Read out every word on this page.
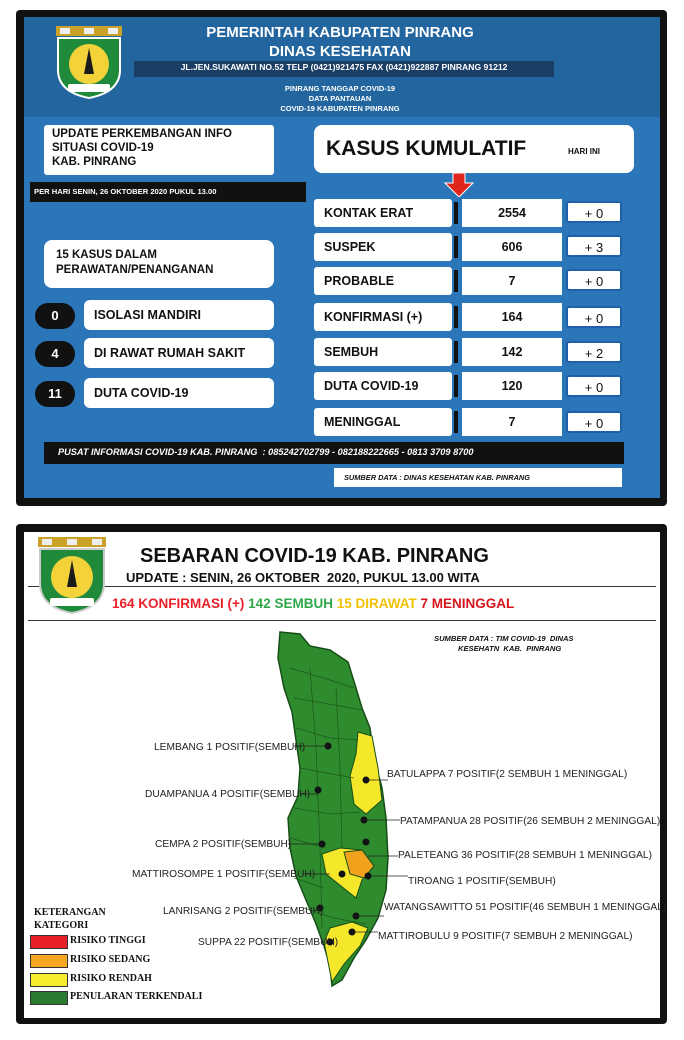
PEMERINTAH KABUPATEN PINRANG
DINAS KESEHATAN
JL.JEN.SUKAWATI NO.52 TELP (0421)921475 FAX (0421)922887 PINRANG 91212
PINRANG TANGGAP COVID-19
DATA PANTAUAN
COVID-19 KABUPATEN PINRANG
UPDATE PERKEMBANGAN INFO
SITUASI COVID-19
KAB. PINRANG
PER HARI SENIN, 26 OKTOBER 2020 PUKUL 13.00
15 KASUS DALAM
PERAWATAN/PENANGANAN
0	ISOLASI MANDIRI
4	DI RAWAT RUMAH SAKIT
11	DUTA COVID-19
KASUS KUMULATIF	HARI INI
KONTAK ERAT	2554	+ 0
SUSPEK	606	+ 3
PROBABLE	7	+ 0
KONFIRMASI (+)	164	+ 0
SEMBUH	142	+ 2
DUTA COVID-19	120	+ 0
MENINGGAL	7	+ 0
PUSAT INFORMASI COVID-19 KAB. PINRANG  : 085242702799 - 082188222665 - 0813 3709 8700
SUMBER DATA : DINAS KESEHATAN KAB. PINRANG
SEBARAN COVID-19 KAB. PINRANG
UPDATE : SENIN, 26 OKTOBER  2020, PUKUL 13.00 WITA
164 KONFIRMASI (+) 142 SEMBUH 15 DIRAWAT 7 MENINGGAL
SUMBER DATA : TIM COVID-19  DINAS
KESEHATN  KAB.  PINRANG
LEMBANG 1 POSITIF(SEMBUH)
DUAMPANUA 4 POSITIF(SEMBUH)
CEMPA 2 POSITIF(SEMBUH)
MATTIROSOMPE 1 POSITIF(SEMBUH)
LANRISANG 2 POSITIF(SEMBUH)
SUPPA 22 POSITIF(SEMBUH)
BATULAPPA 7 POSITIF(2 SEMBUH 1 MENINGGAL)
PATAMPANUA 28 POSITIF(26 SEMBUH 2 MENINGGAL)
PALETEANG 36 POSITIF(28 SEMBUH 1 MENINGGAL)
TIROANG 1 POSITIF(SEMBUH)
WATANGSAWITTO 51 POSITIF(46 SEMBUH 1 MENINGGAL)
MATTIROBULU 9 POSITIF(7 SEMBUH 2 MENINGGAL)
KETERANGAN
KATEGORI
RISIKO TINGGI
RISIKO SEDANG
RISIKO RENDAH
PENULARAN TERKENDALI
